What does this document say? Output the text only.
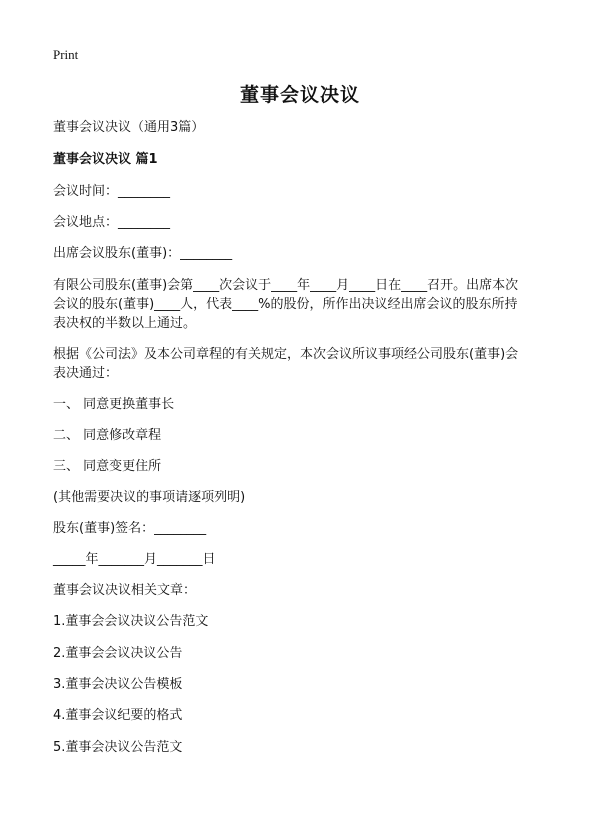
Print
董事会议决议
董事会议决议（通用3篇）
董事会议决议 篇1
会议时间：________
会议地点：________
出席会议股东(董事)：________
有限公司股东(董事)会第____次会议于____年____月____日在____召开。出席本次
会议的股东(董事)____人，代表____%的股份，所作出决议经出席会议的股东所持
表决权的半数以上通过。
根据《公司法》及本公司章程的有关规定，本次会议所议事项经公司股东(董事)会
表决通过：
一、 同意更换董事长
二、 同意修改章程
三、 同意变更住所
(其他需要决议的事项请逐项列明)
股东(董事)签名：________
_____年_______月_______日
董事会议决议相关文章：
1.董事会会议决议公告范文
2.董事会会议决议公告
3.董事会决议公告模板
4.董事会议纪要的格式
5.董事会决议公告范文
